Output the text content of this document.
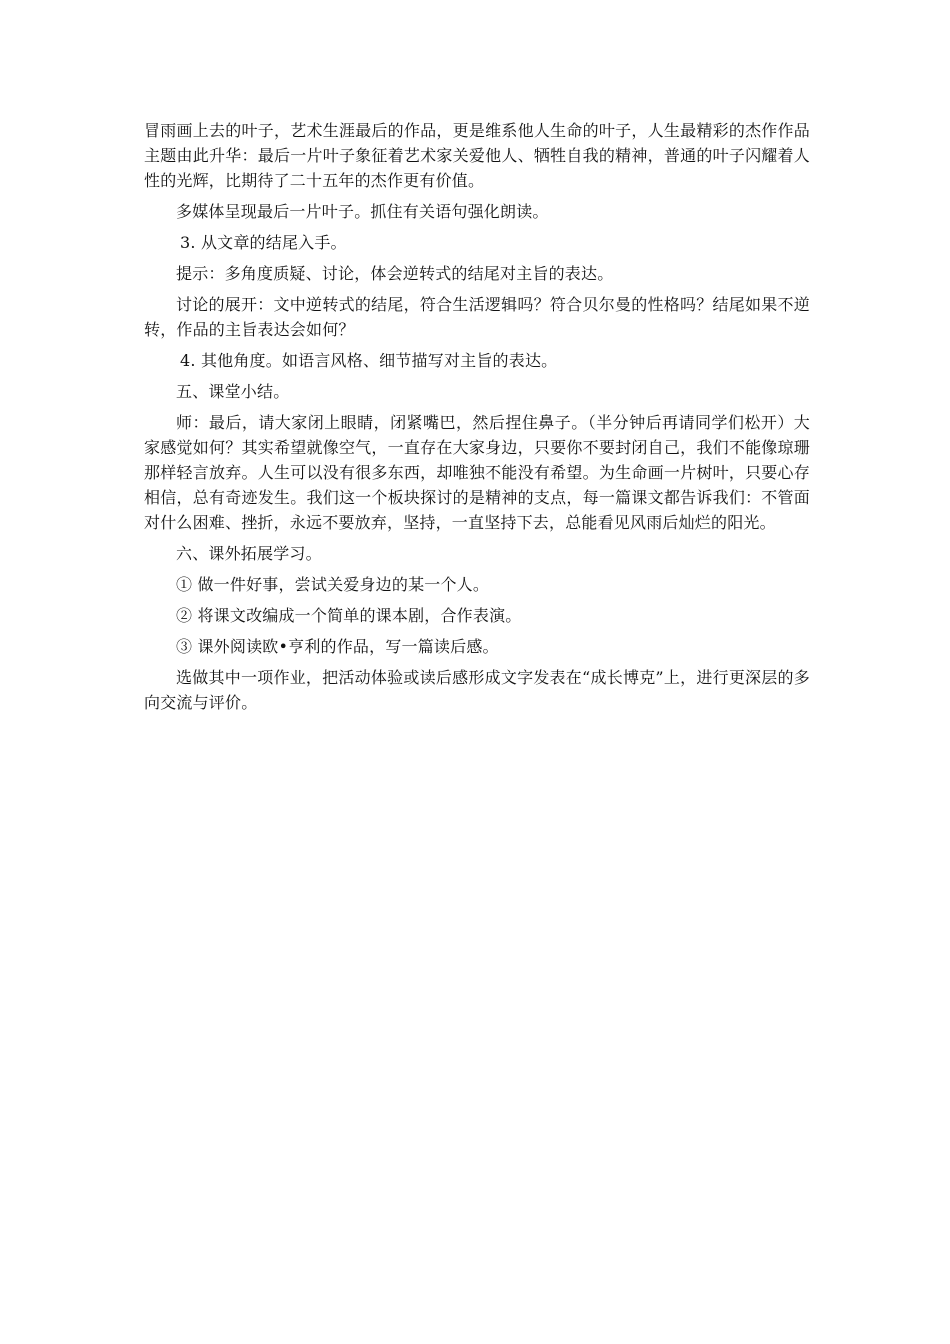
冒雨画上去的叶子，艺术生涯最后的作品，更是维系他人生命的叶子，人生最精彩的杰作作品主题由此升华：最后一片叶子象征着艺术家关爱他人、牺牲自我的精神，普通的叶子闪耀着人性的光辉，比期待了二十五年的杰作更有价值。

多媒体呈现最后一片叶子。抓住有关语句强化朗读。

3. 从文章的结尾入手。

提示：多角度质疑、讨论，体会逆转式的结尾对主旨的表达。

讨论的展开：文中逆转式的结尾，符合生活逻辑吗？符合贝尔曼的性格吗？结尾如果不逆转，作品的主旨表达会如何？

4. 其他角度。如语言风格、细节描写对主旨的表达。

五、课堂小结。

师：最后，请大家闭上眼睛，闭紧嘴巴，然后捏住鼻子。（半分钟后再请同学们松开）大家感觉如何？其实希望就像空气，一直存在大家身边，只要你不要封闭自己，我们不能像琼珊那样轻言放弃。人生可以没有很多东西，却唯独不能没有希望。为生命画一片树叶，只要心存相信，总有奇迹发生。我们这一个板块探讨的是精神的支点，每一篇课文都告诉我们：不管面对什么困难、挫折，永远不要放弃，坚持，一直坚持下去，总能看见风雨后灿烂的阳光。

六、课外拓展学习。

① 做一件好事，尝试关爱身边的某一个人。

② 将课文改编成一个简单的课本剧，合作表演。

③ 课外阅读欧•亨利的作品，写一篇读后感。

选做其中一项作业，把活动体验或读后感形成文字发表在“成长博克”上，进行更深层的多向交流与评价。
